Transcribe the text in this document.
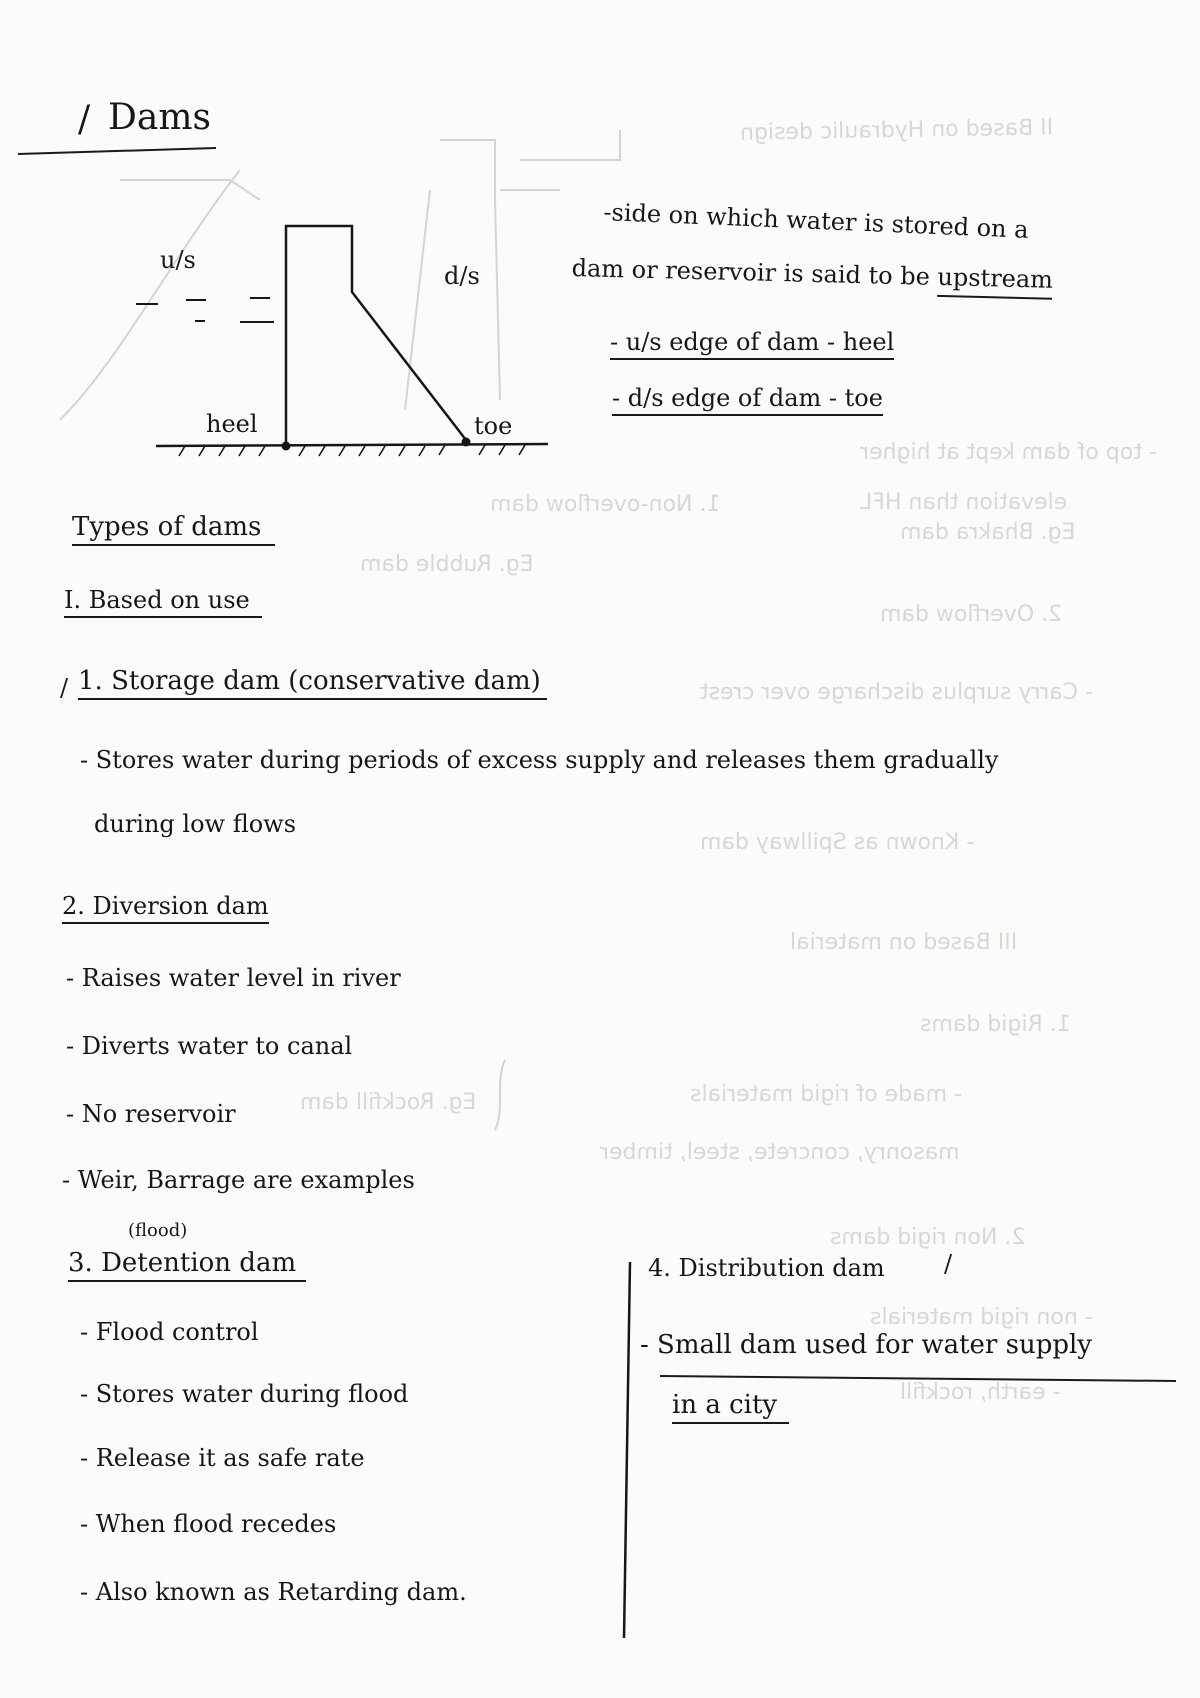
II Based on Hydraulic design
1. Non-overflow dam
Eg. Rubble dam
2. Overflow dam
- Carry surplus discharge over crest
- Known as Spillway dam
III Based on material
1. Rigid dams
- made of rigid materials
masonry, concrete, steel, timber
2. Non rigid dams
- non rigid materials
- earth, rockfill
Eg. Rockfill dam
- top of dam kept at higher
elevation than HFL
Eg. Bhakra dam
/ Dams
u/s
d/s
heel	toe
-side on which water is stored on a
dam or reservoir is said to be upstream
- u/s edge of dam - heel
- d/s edge of dam - toe
Types of dams
I. Based on use
/ 1. Storage dam (conservative dam)
- Stores water during periods of excess supply and releases them gradually
during low flows
2. Diversion dam
- Raises water level in river
- Diverts water to canal
- No reservoir
- Weir, Barrage are examples
(flood)
3. Detention dam
- Flood control
- Stores water during flood
- Release it as safe rate
- When flood recedes
- Also known as Retarding dam.
4. Distribution dam /
- Small dam used for water supply
in a city
